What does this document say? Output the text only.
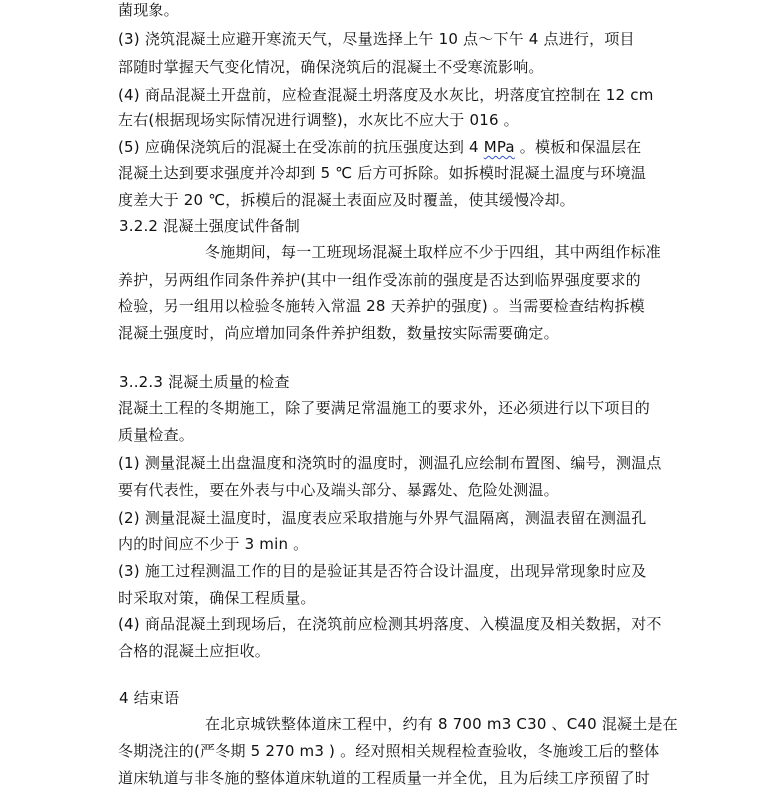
菌现象。
(3) 浇筑混凝土应避开寒流天气，尽量选择上午 10 点～下午 4 点进行，项目
部随时掌握天气变化情况，确保浇筑后的混凝土不受寒流影响。
(4) 商品混凝土开盘前，应检查混凝土坍落度及水灰比，坍落度宜控制在 12 cm
左右(根据现场实际情况进行调整)，水灰比不应大于 016 。
(5) 应确保浇筑后的混凝土在受冻前的抗压强度达到 4 MPa 。模板和保温层在
混凝土达到要求强度并冷却到 5 ℃ 后方可拆除。如拆模时混凝土温度与环境温
度差大于 20 ℃，拆模后的混凝土表面应及时覆盖，使其缓慢冷却。
3.2.2 混凝土强度试件备制
冬施期间，每一工班现场混凝土取样应不少于四组，其中两组作标准
养护，另两组作同条件养护(其中一组作受冻前的强度是否达到临界强度要求的
检验，另一组用以检验冬施转入常温 28 天养护的强度) 。当需要检查结构拆模
混凝土强度时，尚应增加同条件养护组数，数量按实际需要确定。
3..2.3 混凝土质量的检查
混凝土工程的冬期施工，除了要满足常温施工的要求外，还必须进行以下项目的
质量检查。
(1) 测量混凝土出盘温度和浇筑时的温度时，测温孔应绘制布置图、编号，测温点
要有代表性，要在外表与中心及端头部分、暴露处、危险处测温。
(2) 测量混凝土温度时，温度表应采取措施与外界气温隔离，测温表留在测温孔
内的时间应不少于 3 min 。
(3) 施工过程测温工作的目的是验证其是否符合设计温度，出现异常现象时应及
时采取对策，确保工程质量。
(4) 商品混凝土到现场后，在浇筑前应检测其坍落度、入模温度及相关数据，对不
合格的混凝土应拒收。
4 结束语
在北京城铁整体道床工程中，约有 8 700 m3 C30 、C40 混凝土是在
冬期浇注的(严冬期 5 270 m3 ) 。经对照相关规程检查验收，冬施竣工后的整体
道床轨道与非冬施的整体道床轨道的工程质量一并全优，且为后续工序预留了时
